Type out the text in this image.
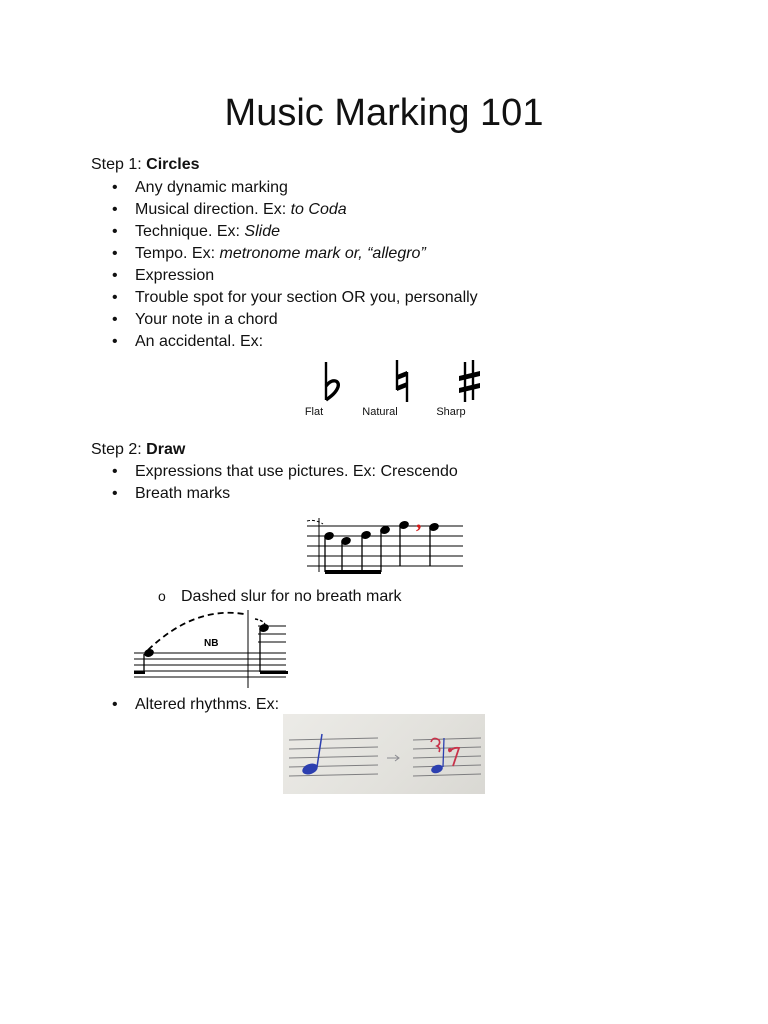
Music Marking 101
Step 1: Circles
• Any dynamic marking
• Musical direction. Ex: to Coda
• Technique. Ex: Slide
• Tempo. Ex: metronome mark or, “allegro”
• Expression
• Trouble spot for your section OR you, personally
• Your note in a chord
• An accidental. Ex:
Flat	Natural	Sharp
Step 2: Draw
• Expressions that use pictures. Ex: Crescendo
• Breath marks
,
o Dashed slur for no breath mark
NB
• Altered rhythms. Ex:
